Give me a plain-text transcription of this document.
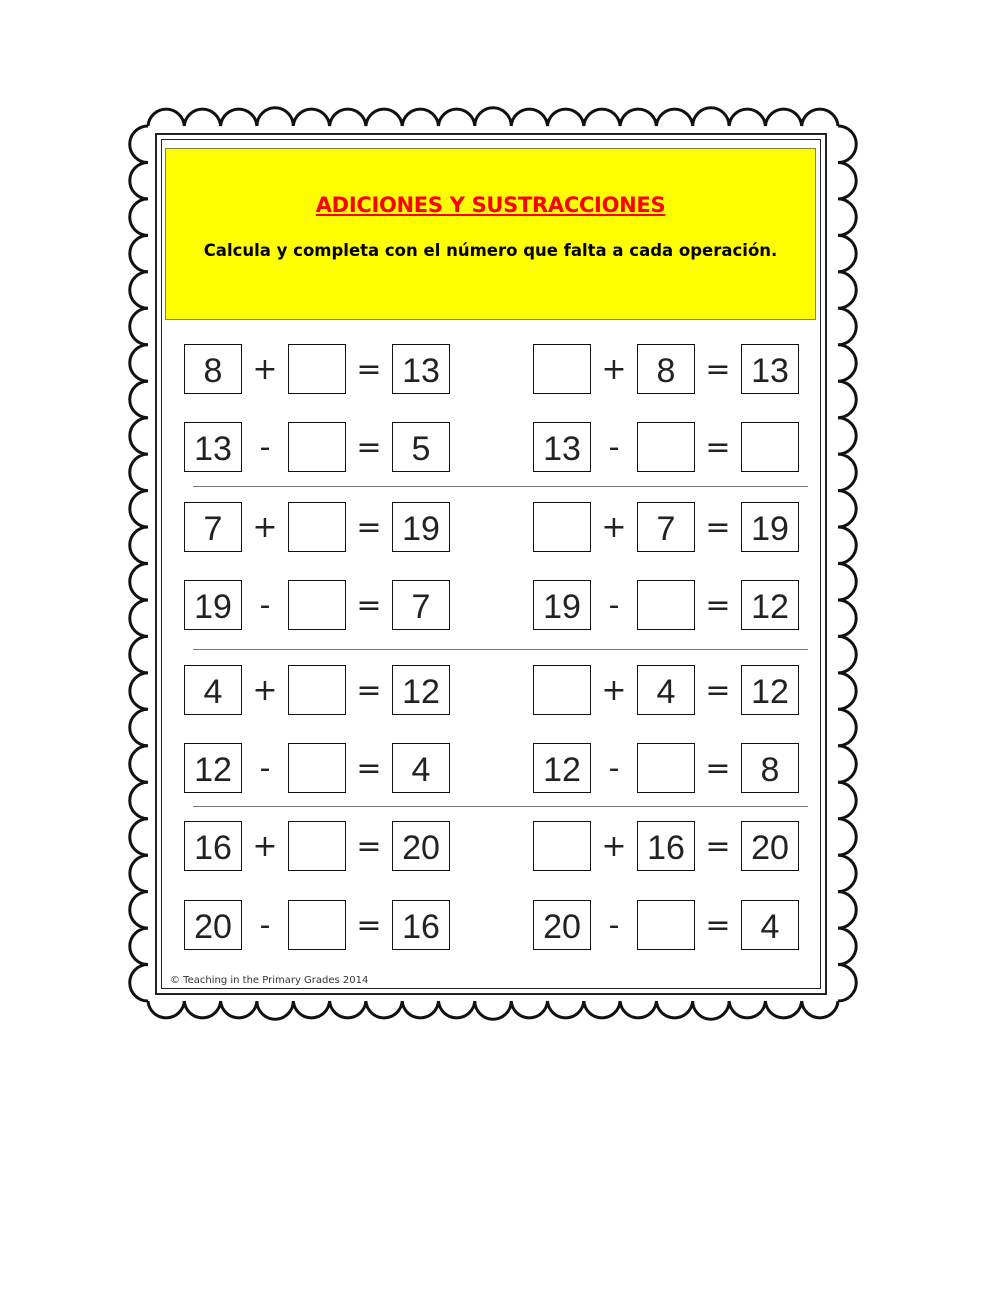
ADICIONES Y SUSTRACCIONES
Calcula y completa con el número que falta a cada operación.
8 +	= 13	+ 8 = 13
13 -	= 5	13 -	=
7 +	= 19	+ 7 = 19
19 -	= 7	19 -	= 12
4 +	= 12	+ 4 = 12
12 -	= 4	12 -	= 8
16 +	= 20	+ 16 = 20
20 -	= 16	20 -	= 4
© Teaching in the Primary Grades 2014
